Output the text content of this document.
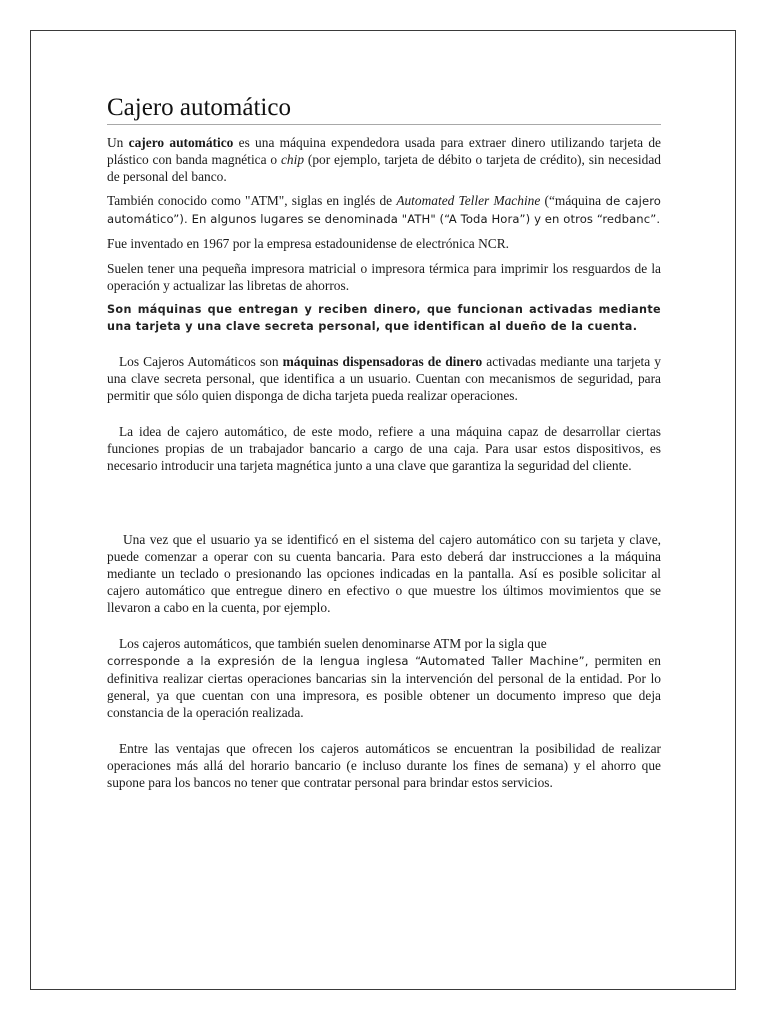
Cajero automático

Un cajero automático es una máquina expendedora usada para extraer dinero utilizando tarjeta de plástico con banda magnética o chip (por ejemplo, tarjeta de débito o tarjeta de crédito), sin necesidad de personal del banco.

También conocido como "ATM", siglas en inglés de Automated Teller Machine (“máquina de cajero automático”). En algunos lugares se denominada "ATH" (“A Toda Hora”) y en otros “redbanc”.

Fue inventado en 1967 por la empresa estadounidense de electrónica NCR.

Suelen tener una pequeña impresora matricial o impresora térmica para imprimir los resguardos de la operación y actualizar las libretas de ahorros.

Son máquinas que entregan y reciben dinero, que funcionan activadas mediante una tarjeta y una clave secreta personal, que identifican al dueño de la cuenta.

Los Cajeros Automáticos son máquinas dispensadoras de dinero activadas mediante una tarjeta y una clave secreta personal, que identifica a un usuario. Cuentan con mecanismos de seguridad, para permitir que sólo quien disponga de dicha tarjeta pueda realizar operaciones.

La idea de cajero automático, de este modo, refiere a una máquina capaz de desarrollar ciertas funciones propias de un trabajador bancario a cargo de una caja. Para usar estos dispositivos, es necesario introducir una tarjeta magnética junto a una clave que garantiza la seguridad del cliente.

Una vez que el usuario ya se identificó en el sistema del cajero automático con su tarjeta y clave, puede comenzar a operar con su cuenta bancaria. Para esto deberá dar instrucciones a la máquina mediante un teclado o presionando las opciones indicadas en la pantalla. Así es posible solicitar al cajero automático que entregue dinero en efectivo o que muestre los últimos movimientos que se llevaron a cabo en la cuenta, por ejemplo.

Los cajeros automáticos, que también suelen denominarse ATM por la sigla que
corresponde a la expresión de la lengua inglesa “Automated Taller Machine”, permiten en definitiva realizar ciertas operaciones bancarias sin la intervención del personal de la entidad. Por lo general, ya que cuentan con una impresora, es posible obtener un documento impreso que deja constancia de la operación realizada.

Entre las ventajas que ofrecen los cajeros automáticos se encuentran la posibilidad de realizar operaciones más allá del horario bancario (e incluso durante los fines de semana) y el ahorro que supone para los bancos no tener que contratar personal para brindar estos servicios.
